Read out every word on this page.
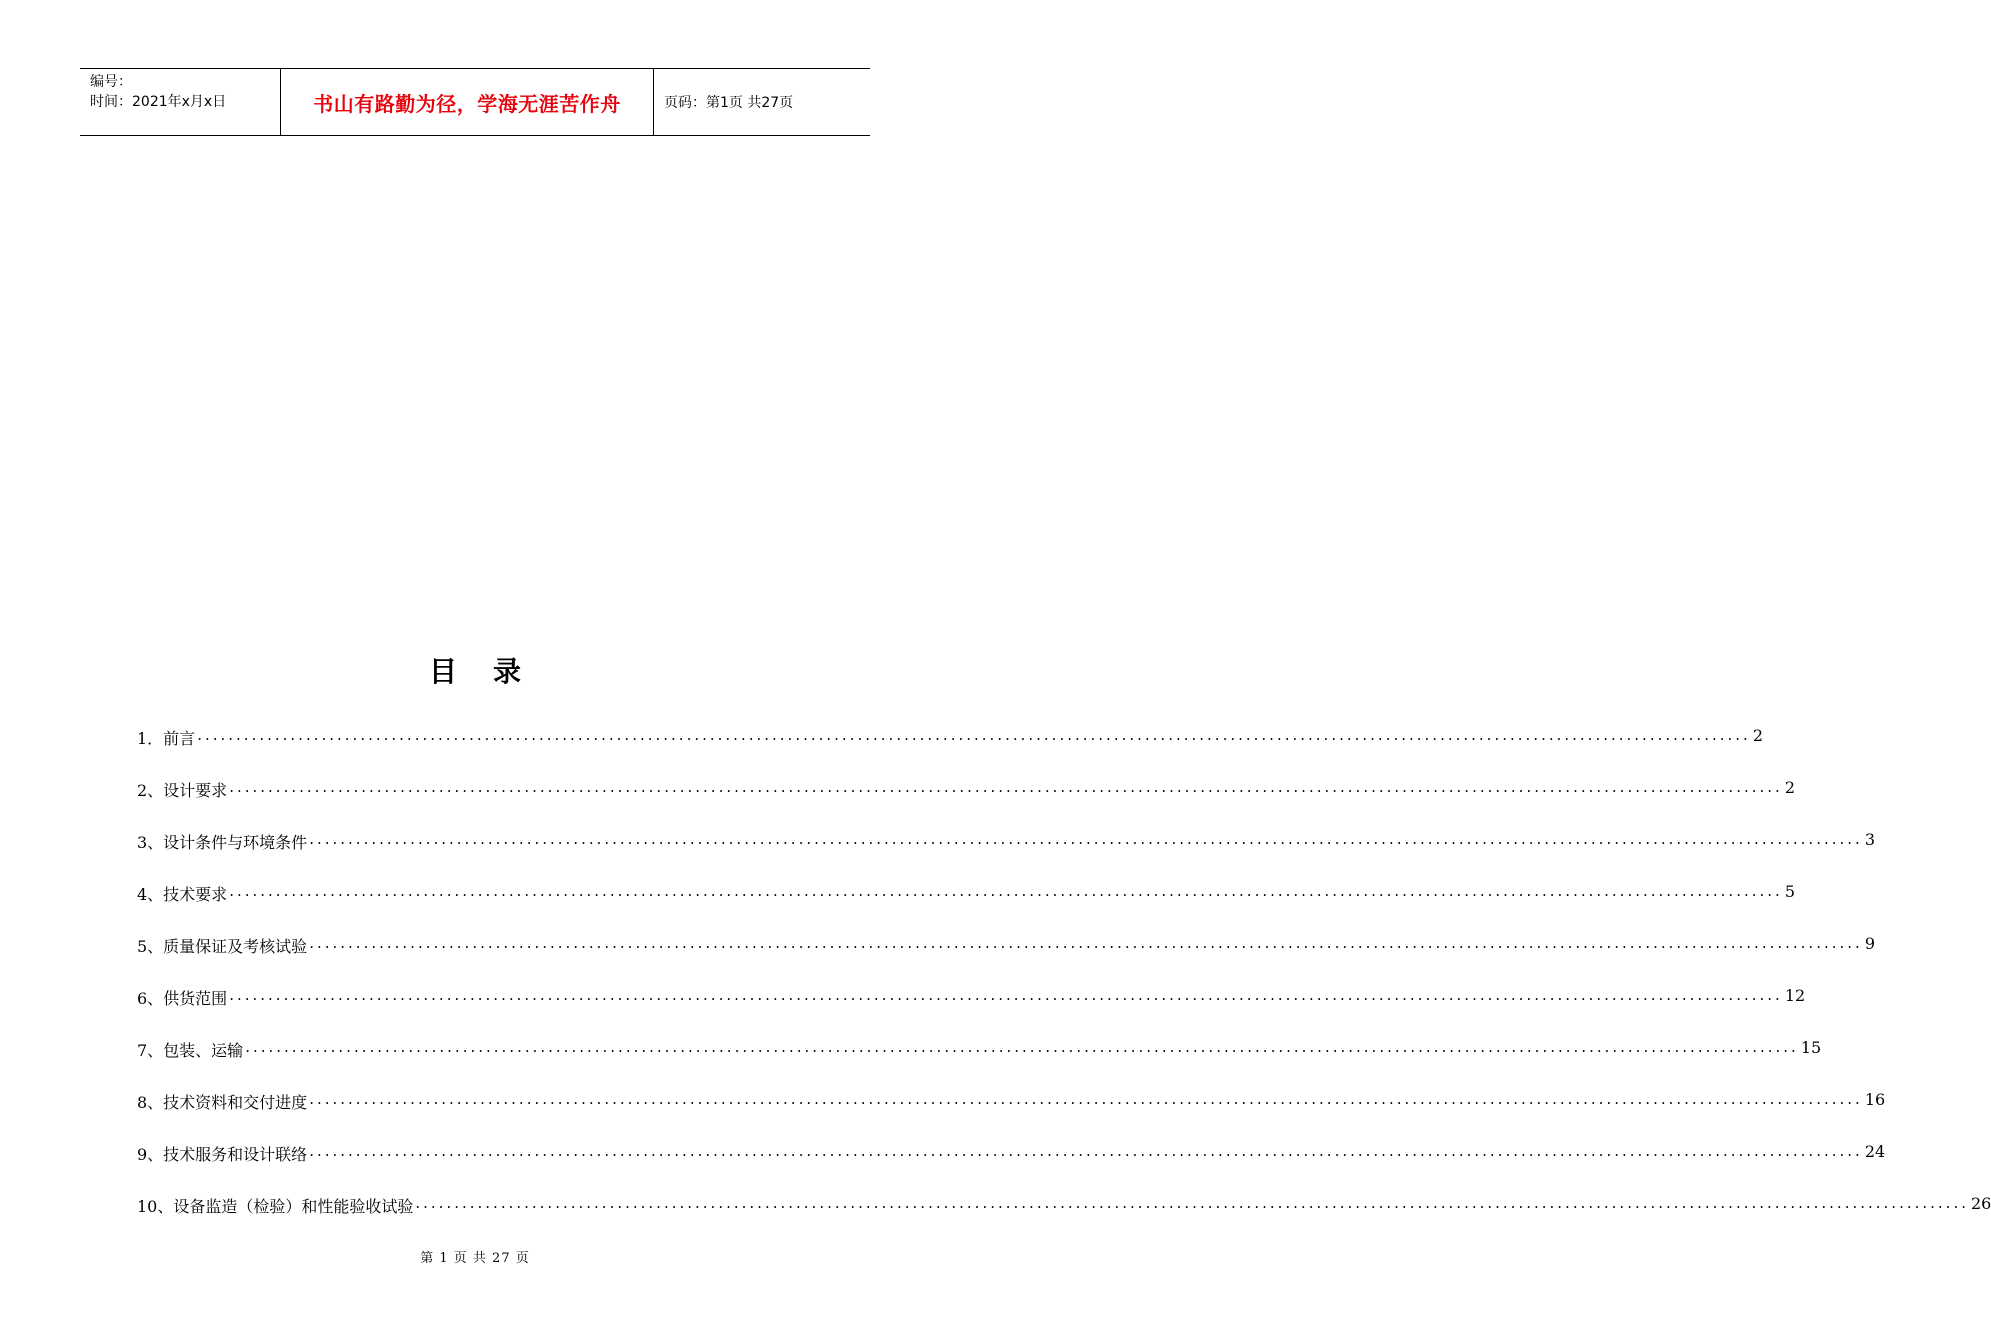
编号：
时间：2021年x月x日	书山有路勤为径，学海无涯苦作舟	页码：第1页 共27页
目录
1．前言 ........................................................................................................................................................................................................ 2
2、设计要求 ........................................................................................................................................................................................................ 2
3、设计条件与环境条件 ........................................................................................................................................................................................................ 3
4、技术要求 ........................................................................................................................................................................................................ 5
5、质量保证及考核试验 ........................................................................................................................................................................................................ 9
6、供货范围 ........................................................................................................................................................................................................ 12
7、包装、运输 ........................................................................................................................................................................................................ 15
8、技术资料和交付进度 ........................................................................................................................................................................................................ 16
9、技术服务和设计联络 ........................................................................................................................................................................................................ 24
10、设备监造（检验）和性能验收试验 ........................................................................................................................................................................................................ 26
第 1 页 共 27 页
